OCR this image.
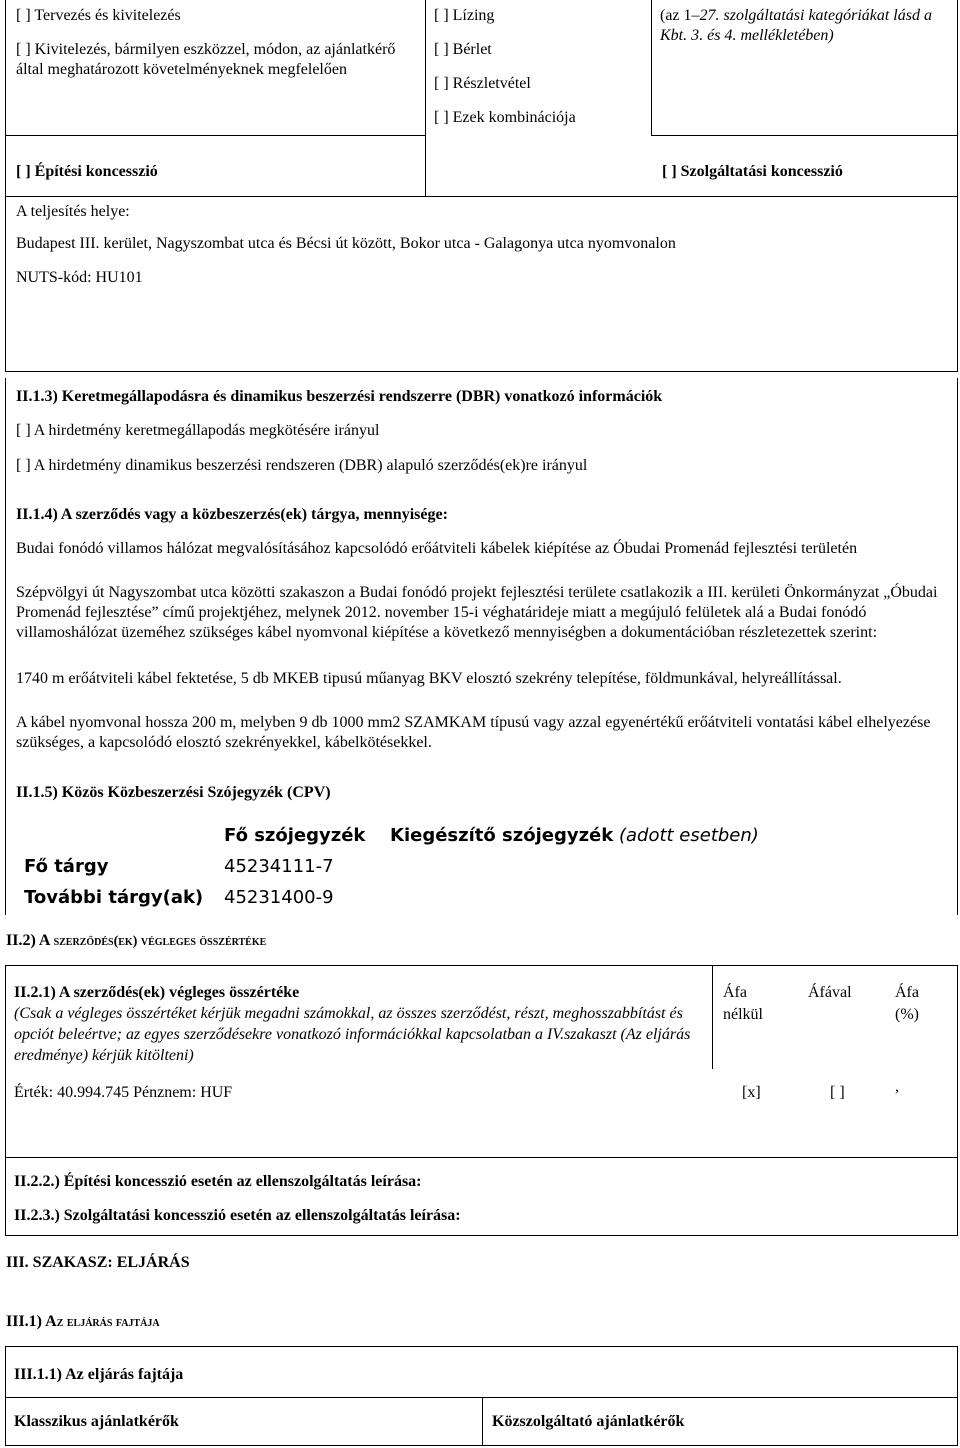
[ ] Tervezés és kivitelezés
[ ] Kivitelezés, bármilyen eszközzel, módon, az ajánlatkérő által meghatározott követelményeknek megfelelően
[ ] Lízing
[ ] Bérlet
[ ] Részletvétel
[ ] Ezek kombinációja
(az 1–27. szolgáltatási kategóriákat lásd a Kbt. 3. és 4. mellékletében)
[ ] Építési koncesszió	[ ] Szolgáltatási koncesszió
A teljesítés helye:
Budapest III. kerület, Nagyszombat utca és Bécsi út között, Bokor utca - Galagonya utca nyomvonalon
NUTS-kód: HU101
II.1.3) Keretmegállapodásra és dinamikus beszerzési rendszerre (DBR) vonatkozó információk
[ ] A hirdetmény keretmegállapodás megkötésére irányul
[ ] A hirdetmény dinamikus beszerzési rendszeren (DBR) alapuló szerződés(ek)re irányul
II.1.4) A szerződés vagy a közbeszerzés(ek) tárgya, mennyisége:
Budai fonódó villamos hálózat megvalósításához kapcsolódó erőátviteli kábelek kiépítése az Óbudai Promenád fejlesztési területén
Szépvölgyi út Nagyszombat utca közötti szakaszon a Budai fonódó projekt fejlesztési területe csatlakozik a III. kerületi Önkormányzat „Óbudai Promenád fejlesztése” című projektjéhez, melynek 2012. november 15-i véghatárideje miatt a megújuló felületek alá a Budai fonódó villamoshálózat üzeméhez szükséges kábel nyomvonal kiépítése a következő mennyiségben a dokumentációban részletezettek szerint:
1740 m erőátviteli kábel fektetése, 5 db MKEB tipusú műanyag BKV elosztó szekrény telepítése, földmunkával, helyreállítással.
A kábel nyomvonal hossza 200 m, melyben 9 db 1000 mm2 SZAMKAM típusú vagy azzal egyenértékű erőátviteli vontatási kábel elhelyezése szükséges, a kapcsolódó elosztó szekrényekkel, kábelkötésekkel.
II.1.5) Közös Közbeszerzési Szójegyzék (CPV)
Fő szójegyzék Kiegészítő szójegyzék (adott esetben)
Fő tárgy	45234111-7
További tárgy(ak) 45231400-9
II.2) A szerződés(ek) végleges összértéke
II.2.1) A szerződés(ek) végleges összértéke
(Csak a végleges összértéket kérjük megadni számokkal, az összes szerződést, részt, meghosszabbítást és opciót beleértve; az egyes szerződésekre vonatkozó információkkal kapcsolatban a IV.szakaszt (Az eljárás eredménye) kérjük kitölteni)
Áfa
nélkül
Áfával	Áfa
(%)
Érték: 40.994.745 Pénznem: HUF	[x]	[ ]	,
II.2.2.) Építési koncesszió esetén az ellenszolgáltatás leírása:
II.2.3.) Szolgáltatási koncesszió esetén az ellenszolgáltatás leírása:
III. SZAKASZ: ELJÁRÁS
III.1) Az eljárás fajtája
III.1.1) Az eljárás fajtája
Klasszikus ajánlatkérők	Közszolgáltató ajánlatkérők
